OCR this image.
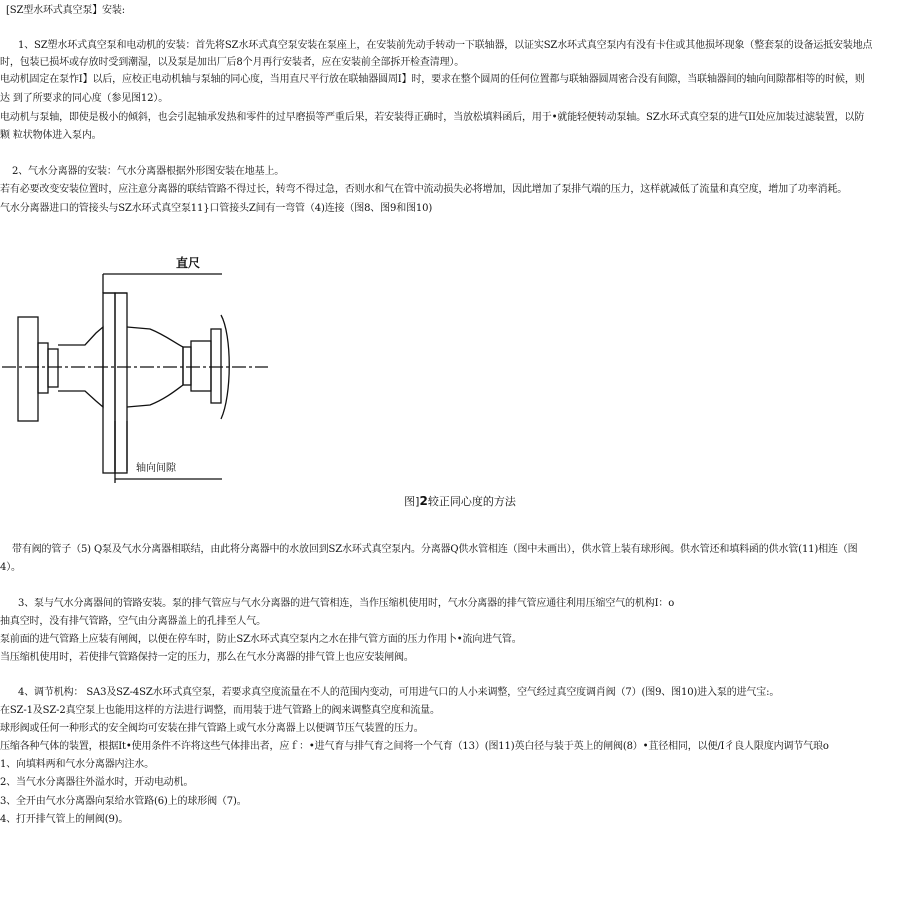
[SZ型水环式真空泵】安装:
1、SZ塑水环式真空泵和电动机的安装：首先将SZ水环式真空泵安装在泵座上，在安装前先动手转动一下联轴器，以证实SZ水环式真空泵内有没有卡住或其他损坏现象（整套泵的设备运抵安装地点
时，包装已损坏或存放时受到潮湿，以及泵是加出厂后8个月再行安装者，应在安装前全部拆开检查清理）。
电动机固定在泵怍I】以后，应校正电动机轴与泵轴的同心度，当用直尺平行放在联轴器圆周I】时，要求在整个圆周的任何位置都与联轴器圆周密合没有间隙，当联轴器间的轴向间隙都相等的时候，则
达 到了所要求的同心度（参见图12）。
电动机与泵轴，即使是极小的倾斜，也会引起轴承发热和零件的过早磨损等严重后果，若安装得正确时，当放松填料函后，用于•就能轻便转动泵轴。SZ水环式真空泵的进气II处应加装过滤装置，以防
颗 粒状物体进入泵内。
2、气水分离器的安装：气水分离器根据外形图安装在地基上。
若有必要改变安装位置时，应注意分离器的联结管路不得过长，转弯不得过急，否则水和气在管中流动损失必将增加，因此增加了泵排气端的压力，这样就减低了流量和真空度，增加了功率消耗。
气水分离器进口的管接头与SZ水环式真空泵11}口管接头Z间有一弯管（4)连接（图8、图9和图10)
直尺
轴向间隙
图]2较正同心度的方法
带有阀的管子（5) Q泵及气水分离器相联结，由此将分离器中的水放回到SZ水环式真空泵内。分离器Q供水管相连（图中未画出），供水管上装有球形阀。供水管还和填料函的供水管(11)相连（图
4）。
3、泵与气水分离器间的管路安装。泵的排气管应与气水分离器的进气管相连，当作压缩机使用时，气水分离器的排气管应通往利用压缩空气的机构I：o
抽真空时，没有排气管路，空气由分离器盖上的孔排至人气。
泵前面的进气管路上应装有闸阀，以便在停车时，防止SZ水环式真空泵内之水在排气管方面的压力作用卜•流向进气管。
当压缩机使用时，若使排气管路保持一定的压力，那么在气水分离器的排气管上也应安装闸阀。
4、调节机构： SA3及SZ-4SZ水环式真空泵，若要求真空度流量在不人的范围内变动，可用进气口的人小来调整，空气经过真空度调肖阀（7）(图9、图10)进入泵的进气宝:。
在SZ-1及SZ-2真空泵上也能用这样的方法进行调整，而用装于进气管路上的阀来调整真空度和流量。
球形阀或任何一种形式的安全阀均可安装在排气管路上或气水分离器上以便调节压气装置的压力。
压缩各种气体的装置，根据It•使用条件不许将这些气体排出者，应ｆ：•进气育与排气育之间将一个气育（13）(图11)英白径与装于英上的闸阀(8）•苴径相同，以便/I彳良人限度内调节气琅o
1、向填料两和气水分离器内注水。
2、当气水分离器往外溢水时，开动电动机。
3、全开由气水分离器向泵给水管路(6)上的球形阀（7)。
4、打开排气管上的闸阀(9)。
